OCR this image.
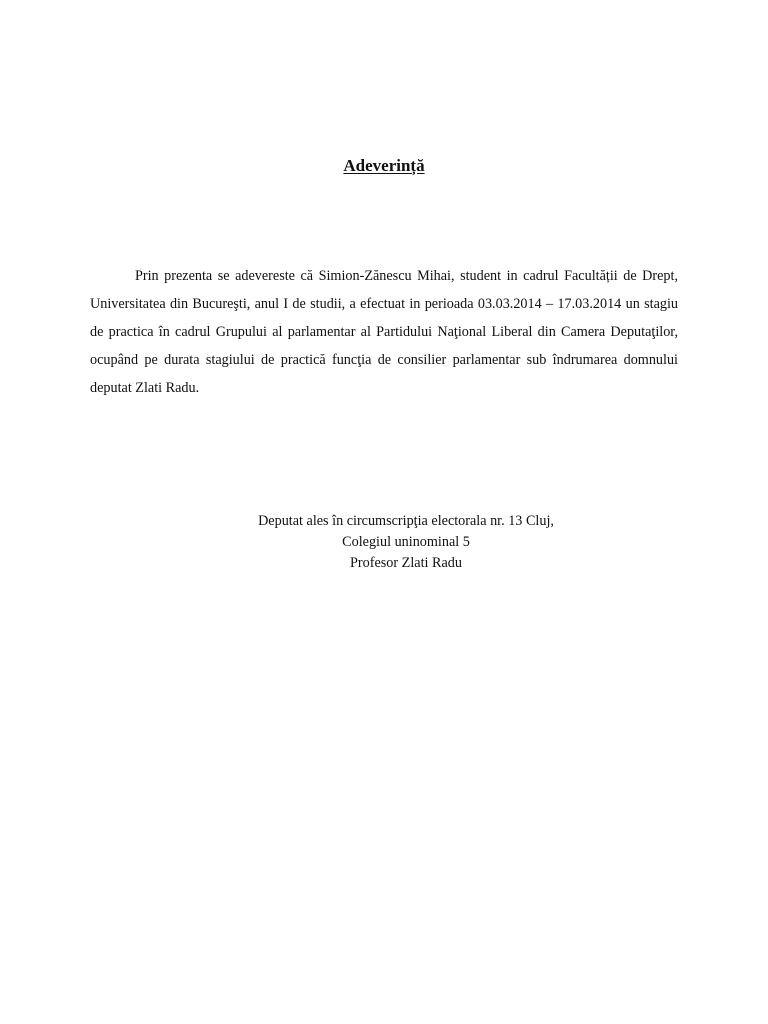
Adeverință

Prin prezenta se adevereste că Simion-Zănescu Mihai, student in cadrul Facultății de Drept, Universitatea din Bucureşti, anul I de studii, a efectuat in perioada 03.03.2014 – 17.03.2014 un stagiu de practica în cadrul Grupului al parlamentar al Partidului Naţional Liberal din Camera Deputaţilor, ocupând pe durata stagiului de practică funcţia de consilier parlamentar sub îndrumarea domnului deputat Zlati Radu.

Deputat ales în circumscripţia electorala nr. 13 Cluj,
Colegiul uninominal 5
Profesor Zlati Radu
